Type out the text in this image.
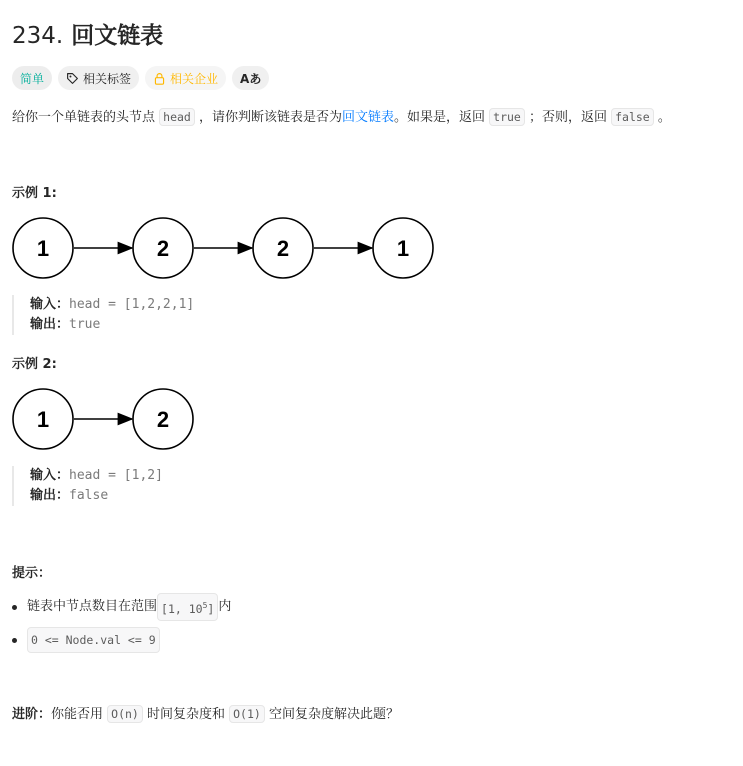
234. 回文链表
简单	相关标签	相关企业 Aあ
给你一个单链表的头节点 head ，请你判断该链表是否为回文链表。如果是，返回 true ；否则，返回 false 。
示例 1:
1	2	2	1
输入：head = [1,2,2,1]
输出：true
示例 2:
1	2
输入：head = [1,2]
输出：false
提示：
链表中节点数目在范围 [1, $10^5$] 内
0 <= Node.val <= 9
进阶：你能否用 O(n) 时间复杂度和 O(1) 空间复杂度解决此题？
